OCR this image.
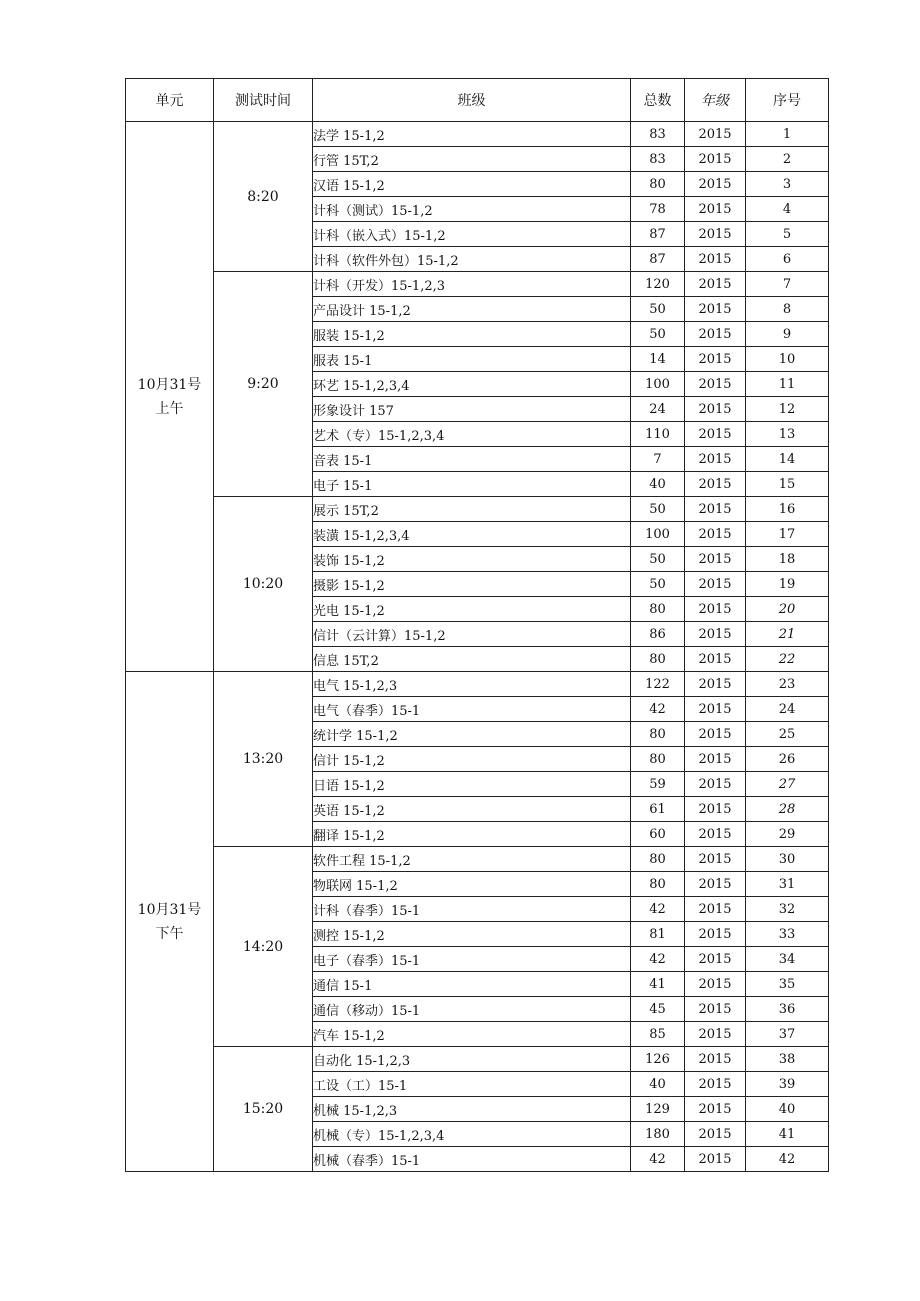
单元	测试时间	班级	总数	年级	序号

10月31号
上午	8:20	法学 15-1,2	83	2015	1
		行管 15T,2	83	2015	2
		汉语 15-1,2	80	2015	3
		计科（测试）15-1,2	78	2015	4
		计科（嵌入式）15-1,2	87	2015	5
		计科（软件外包）15-1,2	87	2015	6
	9:20	计科（开发）15-1,2,3	120	2015	7
		产品设计 15-1,2	50	2015	8
		服装 15-1,2	50	2015	9
		服表 15-1	14	2015	10
		环艺 15-1,2,3,4	100	2015	11
		形象设计 157	24	2015	12
		艺术（专）15-1,2,3,4	110	2015	13
		音表 15-1	7	2015	14
		电子 15-1	40	2015	15
	10:20	展示 15T,2	50	2015	16
		装潢 15-1,2,3,4	100	2015	17
		装饰 15-1,2	50	2015	18
		摄影 15-1,2	50	2015	19
		光电 15-1,2	80	2015	20
		信计（云计算）15-1,2	86	2015	21
		信息 15T,2	80	2015	22

10月31号
下午	13:20	电气 15-1,2,3	122	2015	23
		电气（春季）15-1	42	2015	24
		统计学 15-1,2	80	2015	25
		信计 15-1,2	80	2015	26
		日语 15-1,2	59	2015	27
		英语 15-1,2	61	2015	28
		翻译 15-1,2	60	2015	29
	14:20	软件工程 15-1,2	80	2015	30
		物联网 15-1,2	80	2015	31
		计科（春季）15-1	42	2015	32
		测控 15-1,2	81	2015	33
		电子（春季）15-1	42	2015	34
		通信 15-1	41	2015	35
		通信（移动）15-1	45	2015	36
		汽车 15-1,2	85	2015	37
	15:20	自动化 15-1,2,3	126	2015	38
		工设（工）15-1	40	2015	39
		机械 15-1,2,3	129	2015	40
		机械（专）15-1,2,3,4	180	2015	41
		机械（春季）15-1	42	2015	42
